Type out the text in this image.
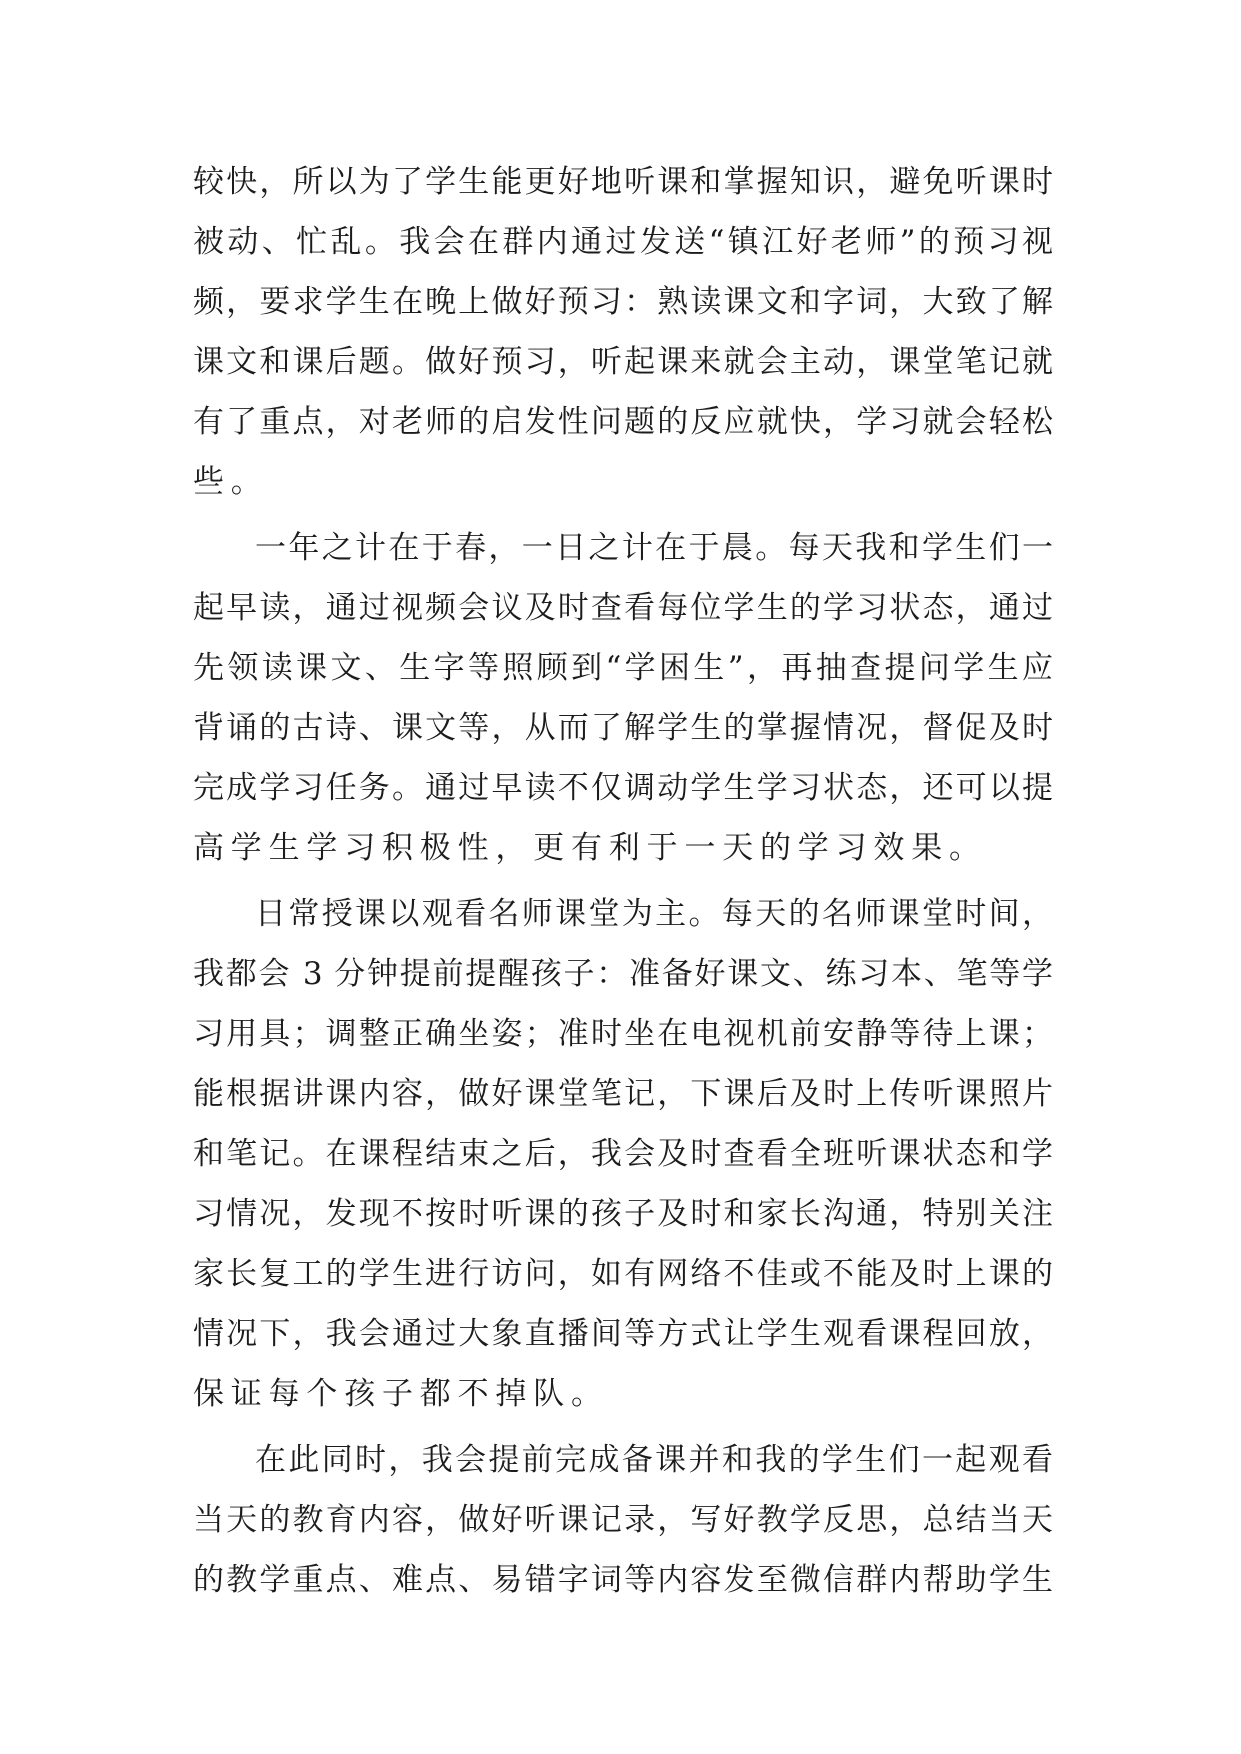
较快，所以为了学生能更好地听课和掌握知识，避免听课时
被动、忙乱。我会在群内通过发送“镇江好老师”的预习视
频，要求学生在晚上做好预习：熟读课文和字词，大致了解
课文和课后题。做好预习，听起课来就会主动，课堂笔记就
有了重点，对老师的启发性问题的反应就快，学习就会轻松
些。
一年之计在于春，一日之计在于晨。每天我和学生们一
起早读，通过视频会议及时查看每位学生的学习状态，通过
先领读课文、生字等照顾到“学困生”，再抽查提问学生应
背诵的古诗、课文等，从而了解学生的掌握情况，督促及时
完成学习任务。通过早读不仅调动学生学习状态，还可以提
高学生学习积极性，更有利于一天的学习效果。
日常授课以观看名师课堂为主。每天的名师课堂时间，
我都会 3 分钟提前提醒孩子：准备好课文、练习本、笔等学
习用具；调整正确坐姿；准时坐在电视机前安静等待上课；
能根据讲课内容，做好课堂笔记，下课后及时上传听课照片
和笔记。在课程结束之后，我会及时查看全班听课状态和学
习情况，发现不按时听课的孩子及时和家长沟通，特别关注
家长复工的学生进行访问，如有网络不佳或不能及时上课的
情况下，我会通过大象直播间等方式让学生观看课程回放，
保证每个孩子都不掉队。
在此同时，我会提前完成备课并和我的学生们一起观看
当天的教育内容，做好听课记录，写好教学反思，总结当天
的教学重点、难点、易错字词等内容发至微信群内帮助学生
